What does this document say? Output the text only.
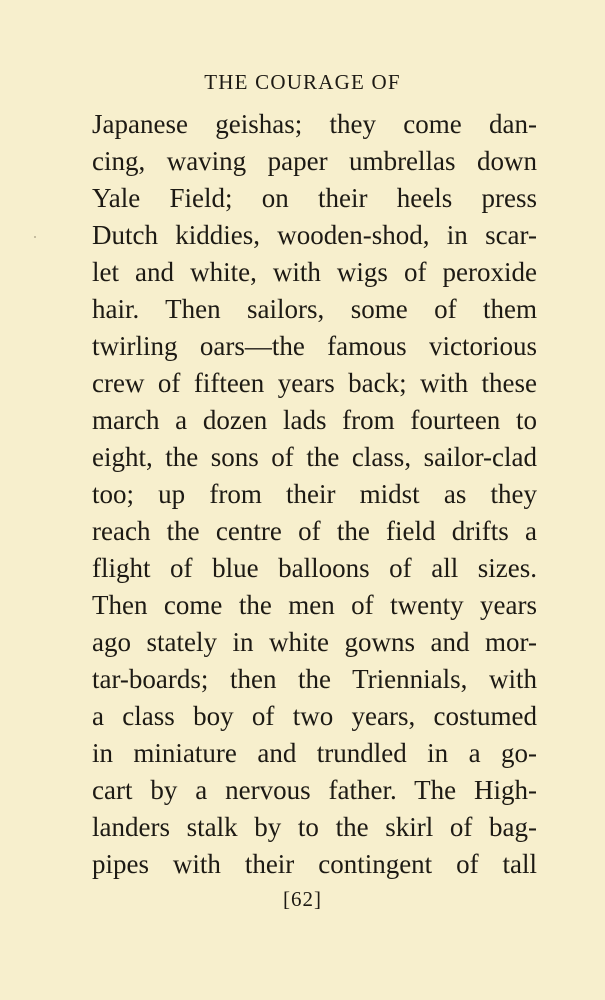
THE COURAGE OF
Japanese geishas; they come dan-
cing, waving paper umbrellas down
Yale Field; on their heels press
Dutch kiddies, wooden-shod, in scar-
let and white, with wigs of peroxide
hair. Then sailors, some of them
twirling oars—the famous victorious
crew of fifteen years back; with these
march a dozen lads from fourteen to
eight, the sons of the class, sailor-clad
too; up from their midst as they
reach the centre of the field drifts a
flight of blue balloons of all sizes.
Then come the men of twenty years
ago stately in white gowns and mor-
tar-boards; then the Triennials, with
a class boy of two years, costumed
in miniature and trundled in a go-
cart by a nervous father. The High-
landers stalk by to the skirl of bag-
pipes with their contingent of tall
[62]
